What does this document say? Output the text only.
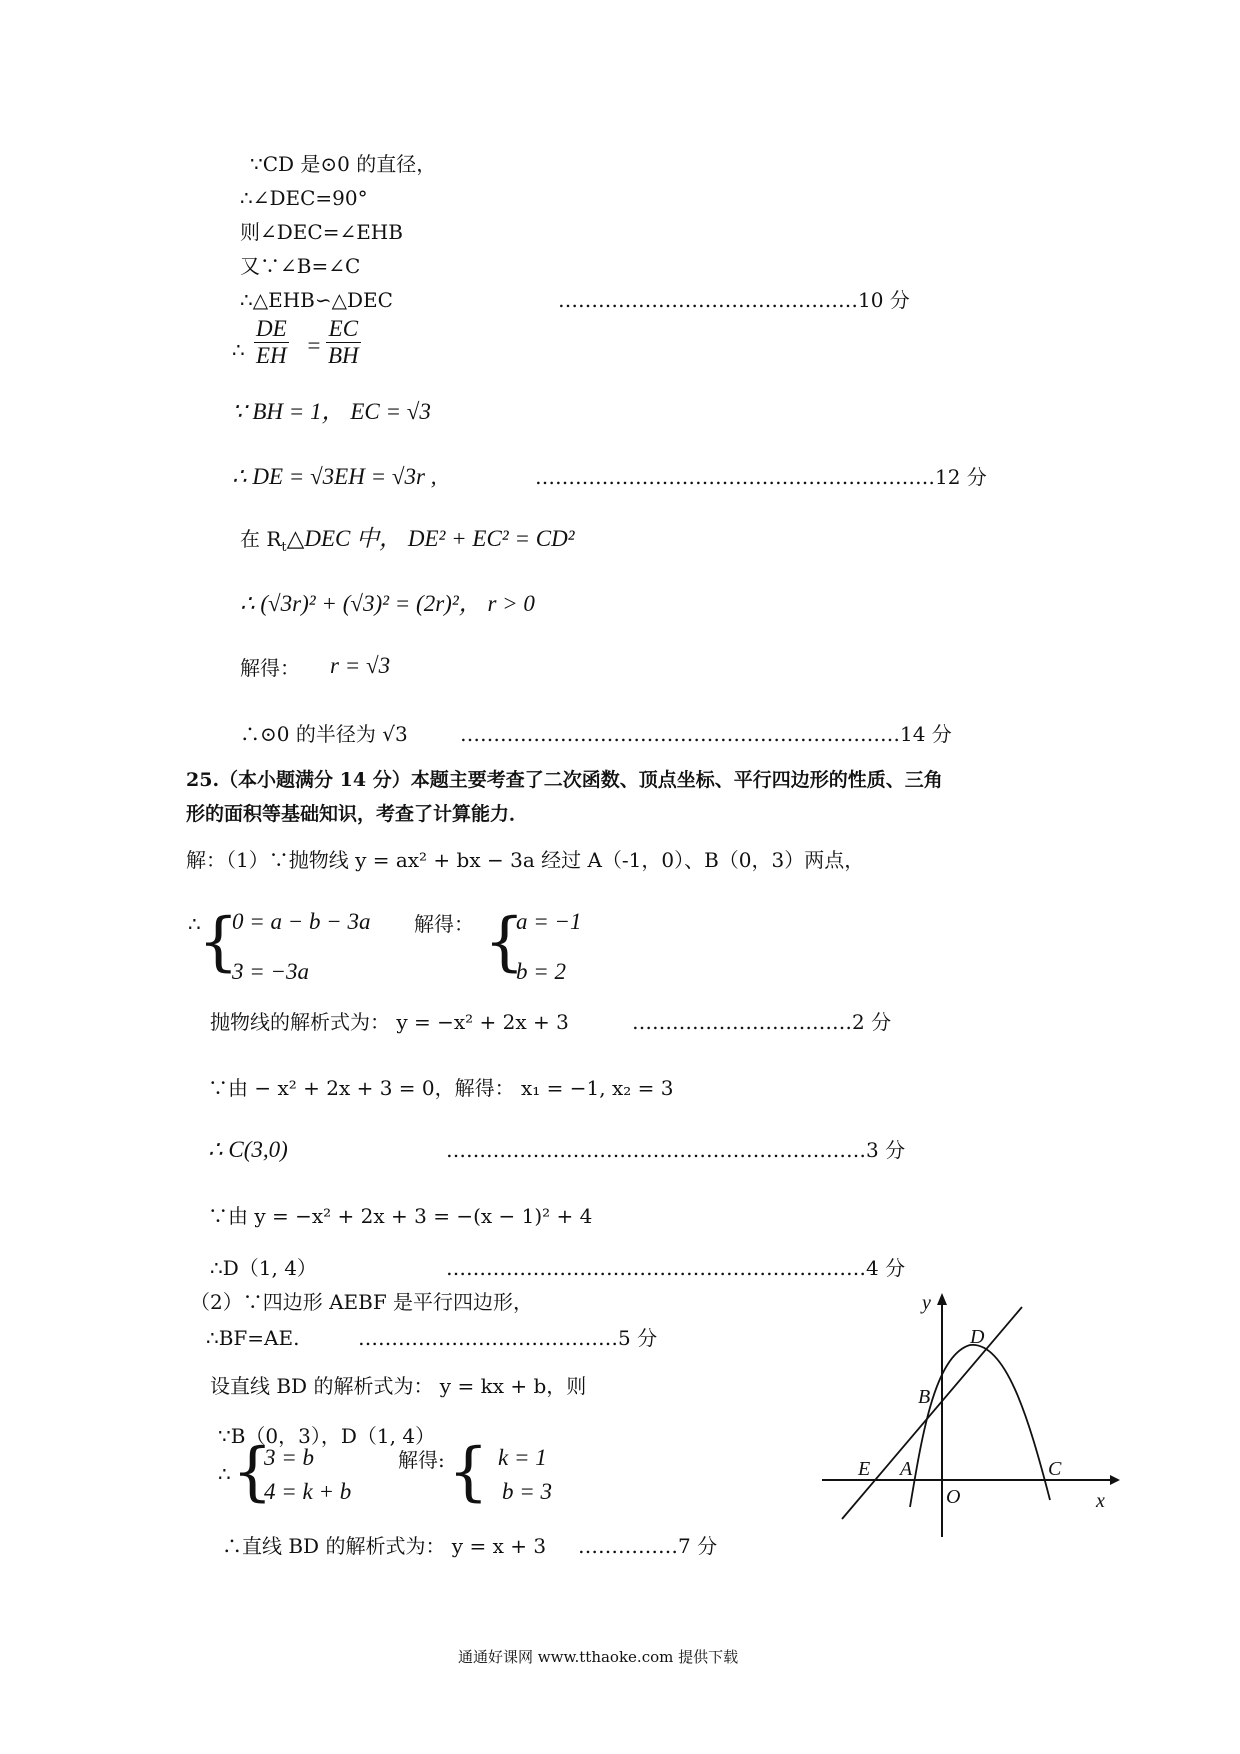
∵CD 是⊙0 的直径，
∴∠DEC=90°
则∠DEC=∠EHB
又∵∠B=∠C
∴△EHB∽△DEC	………………………………………10 分
∴ $\frac{DE}{EH} = \frac{EC}{BH}$
∵ BH = 1， EC = √3
∴ DE = √3EH = √3r ,	……………………………………………………12 分
在 $R_t\triangle DEC$ 中， DE² + EC² = CD²
∴ (√3r)² + (√3)² = (2r)²， r > 0
解得： r = √3
∴⊙0 的半径为 √3	…………………………………………………………14 分
25.（本小题满分 14 分）本题主要考查了二次函数、顶点坐标、平行四边形的性质、三角
形的面积等基础知识，考查了计算能力．
解：（1）∵抛物线 y = ax² + bx − 3a 经过 A（-1，0）、B（0，3）两点，
∴
{
0 = a − b − 3a
3 = −3a
解得： {
a = −1
b = 2
抛物线的解析式为： y = −x² + 2x + 3	……………………………2 分
∵由 − x² + 2x + 3 = 0，解得： x₁ = −1, x₂ = 3
∴ C(3,0)	………………………………………………………3 分
∵由 y = −x² + 2x + 3 = −(x − 1)² + 4
∴D（1, 4）	………………………………………………………4 分
（2）∵四边形 AEBF 是平行四边形，
∴BF=AE.	…………………………………5 分
设直线 BD 的解析式为： y = kx + b，则
∵B（0，3），D（1, 4）
∴ {
3 = b
4 = k + b
解得: { k = 1
b = 3
∴直线 BD 的解析式为： y = x + 3 ……………7 分
y
x
D
B
E A
O
C
通通好课网 www.tthaoke.com 提供下载
